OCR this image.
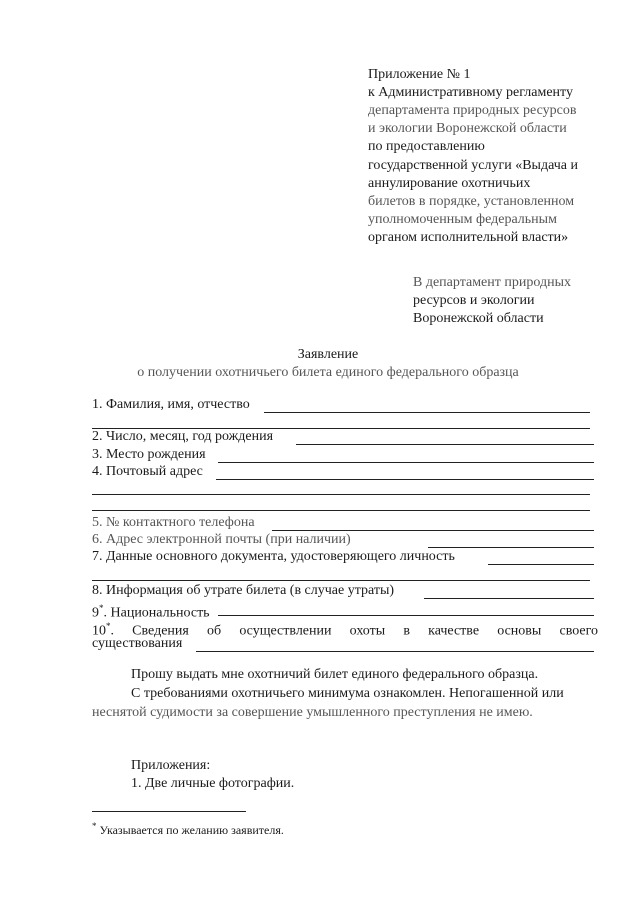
Приложение № 1
к Административному регламенту
департамента природных ресурсов
и экологии Воронежской области
по предоставлению
государственной услуги «Выдача и
аннулирование охотничьих
билетов в порядке, установленном
уполномоченным федеральным
органом исполнительной власти»
В департамент природных
ресурсов и экологии
Воронежской области
Заявление
о получении охотничьего билета единого федерального образца
1. Фамилия, имя, отчество
2. Число, месяц, год рождения
3. Место рождения
4. Почтовый адрес
5. № контактного телефона
6. Адрес электронной почты (при наличии)
7. Данные основного документа, удостоверяющего личность
8. Информация об утрате билета (в случае утраты)
9*. Национальность
10*. Сведения об осуществлении охоты в качестве основы своего
существования
Прошу выдать мне охотничий билет единого федерального образца.
С требованиями охотничьего минимума ознакомлен. Непогашенной или
неснятой судимости за совершение умышленного преступления не имею.
Приложения:
1. Две личные фотографии.
* Указывается по желанию заявителя.
